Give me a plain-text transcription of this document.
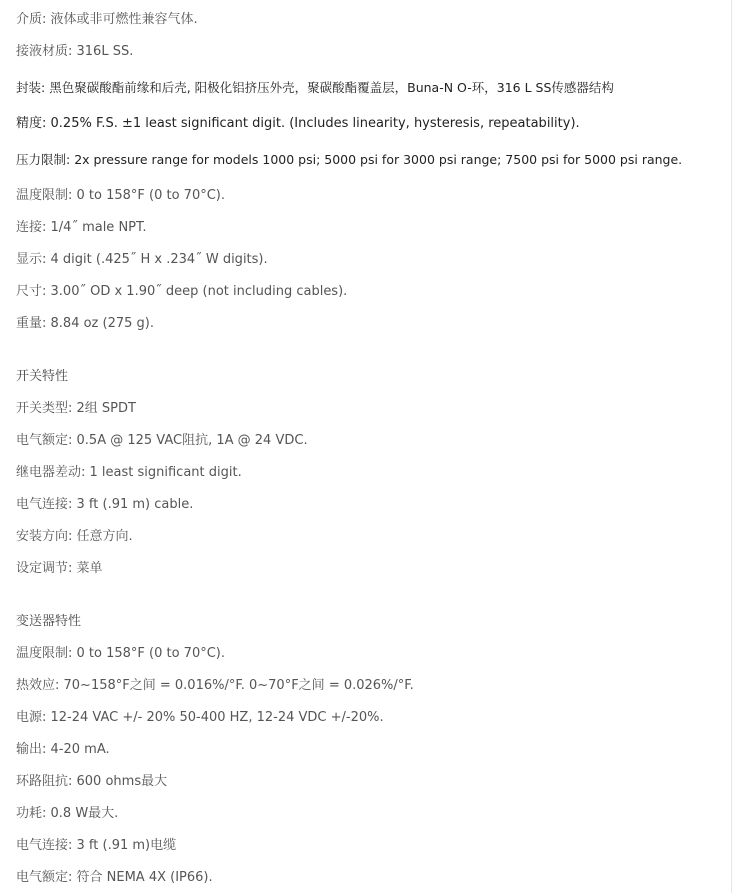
介质: 液体或非可燃性兼容气体.
接液材质: 316L SS.
封装: 黑色聚碳酸酯前缘和后壳, 阳极化铝挤压外壳，聚碳酸酯覆盖层，Buna-N O-环，316 L SS传感器结构
精度: 0.25% F.S. ±1 least significant digit. (Includes linearity, hysteresis, repeatability).
压力限制: 2x pressure range for models 1000 psi; 5000 psi for 3000 psi range; 7500 psi for 5000 psi range.
温度限制: 0 to 158°F (0 to 70°C).
连接: 1/4˝ male NPT.
显示: 4 digit (.425˝ H x .234˝ W digits).
尺寸: 3.00˝ OD x 1.90˝ deep (not including cables).
重量: 8.84 oz (275 g).
开关特性
开关类型: 2组 SPDT
电气额定: 0.5A @ 125 VAC阻抗, 1A @ 24 VDC.
继电器差动: 1 least significant digit.
电气连接: 3 ft (.91 m) cable.
安装方向: 任意方向.
设定调节: 菜单
变送器特性
温度限制: 0 to 158°F (0 to 70°C).
热效应: 70~158°F之间 = 0.016%/°F. 0~70°F之间 = 0.026%/°F.
电源: 12-24 VAC +/- 20% 50-400 HZ, 12-24 VDC +/-20%.
输出: 4-20 mA.
环路阻抗: 600 ohms最大
功耗: 0.8 W最大.
电气连接: 3 ft (.91 m)电缆
电气额定: 符合 NEMA 4X (IP66).
